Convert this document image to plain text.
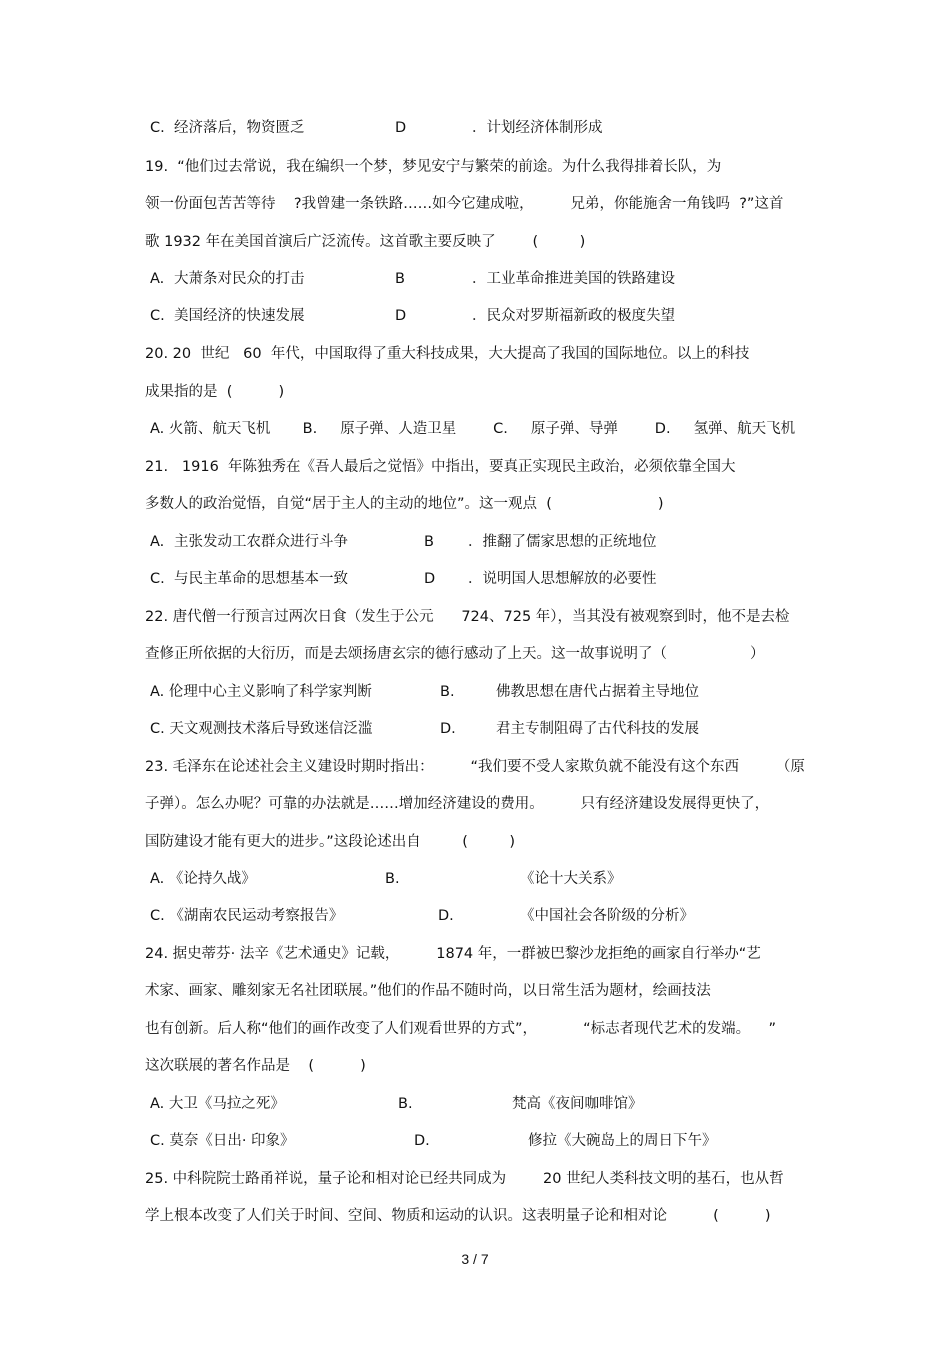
C. 经济落后，物资匮乏	D	．计划经济体制形成
19.  “他们过去常说，我在编织一个梦，梦见安宁与繁荣的前途。为什么我得排着长队，为
领一份面包苦苦等待    ?我曾建一条铁路……如今它建成啦，        兄弟，你能施舍一角钱吗  ?”这首
歌 1932 年在美国首演后广泛流传。这首歌主要反映了        (         )
A. 大萧条对民众的打击	B	．工业革命推进美国的铁路建设
C. 美国经济的快速发展	D	．民众对罗斯福新政的极度失望
20. 20  世纪   60  年代，中国取得了重大科技成果，大大提高了我国的国际地位。以上的科技
成果指的是  (          )
A. 火箭、航天飞机       B.     原子弹、人造卫星        C.     原子弹、导弹        D.     氢弹、航天飞机
21.   1916  年陈独秀在《吾人最后之觉悟》中指出，要真正实现民主政治，必须依靠全国大
多数人的政治觉悟，自觉“居于主人的主动的地位”。这一观点  (                       )
A. 主张发动工农群众进行斗争	B ．推翻了儒家思想的正统地位
C. 与民主革命的思想基本一致	D ．说明国人思想解放的必要性
22. 唐代僧一行预言过两次日食（发生于公元      724、725 年），当其没有被观察到时，他不是去检
查修正所依据的大衍历，而是去颂扬唐玄宗的德行感动了上天。这一故事说明了（                  ）
A. 伦理中心主义影响了科学家判断	B.	佛教思想在唐代占据着主导地位
C. 天文观测技术落后导致迷信泛滥	D.	君主专制阻碍了古代科技的发展
23. 毛泽东在论述社会主义建设时期时指出：        “我们要不受人家欺负就不能没有这个东西        （原
子弹）。怎么办呢？可靠的办法就是……增加经济建设的费用。        只有经济建设发展得更快了，
国防建设才能有更大的进步。”这段论述出自         (         )
A. 《论持久战》	B.	《论十大关系》
C. 《湖南农民运动考察报告》	D.	《中国社会各阶级的分析》
24. 据史蒂芬· 法辛《艺术通史》记载，        1874 年，一群被巴黎沙龙拒绝的画家自行举办“艺
术家、画家、雕刻家无名社团联展。”他们的作品不随时尚，以日常生活为题材，绘画技法
也有创新。后人称“他们的画作改变了人们观看世界的方式”，          “标志者现代艺术的发端。    ”
这次联展的著名作品是    (          )
A. 大卫《马拉之死》	B.	梵高《夜间咖啡馆》
C. 莫奈《日出· 印象》	D.	修拉《大碗岛上的周日下午》
25. 中科院院士路甬祥说，量子论和相对论已经共同成为        20 世纪人类科技文明的基石，也从哲
学上根本改变了人们关于时间、空间、物质和运动的认识。这表明量子论和相对论          (          )
3 / 7
